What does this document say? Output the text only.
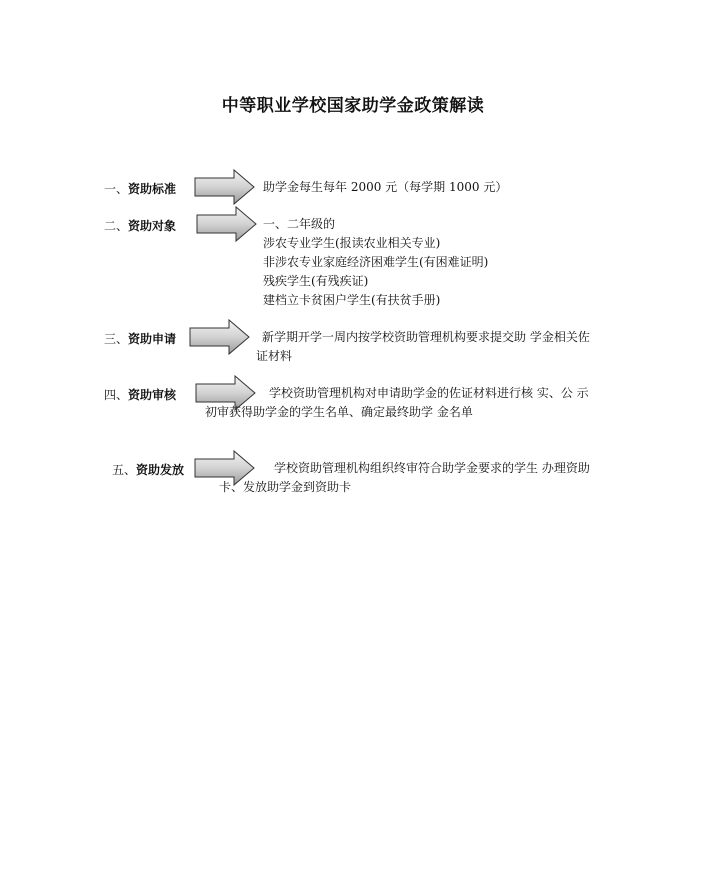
中等职业学校国家助学金政策解读
一、资助标准	助学金每生每年 2000 元（每学期 1000 元）
二、资助对象	一、二年级的
涉农专业学生(报读农业相关专业)
非涉农专业家庭经济困难学生(有困难证明)
残疾学生(有残疾证)
建档立卡贫困户学生(有扶贫手册)
三、资助申请	新学期开学一周内按学校资助管理机构要求提交助 学金相关佐
证材料
四、资助审核	学校资助管理机构对申请助学金的佐证材料进行核 实、公 示
初审获得助学金的学生名单、确定最终助学 金名单
五、资助发放	学校资助管理机构组织终审符合助学金要求的学生 办理资助
卡、发放助学金到资助卡
